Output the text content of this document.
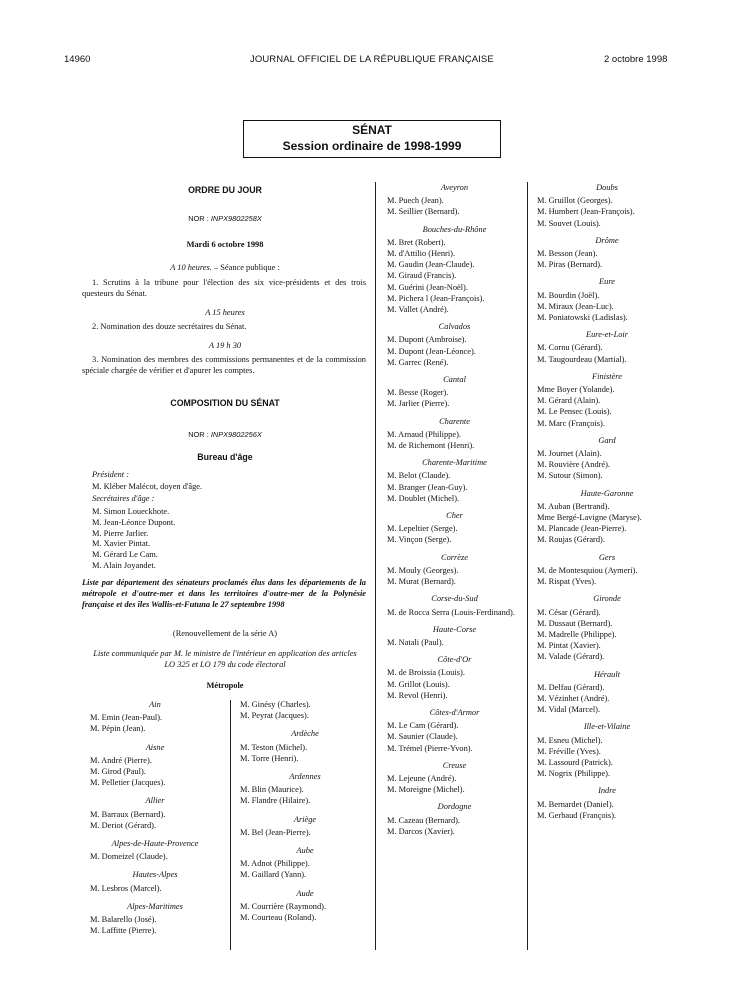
14960	JOURNAL OFFICIEL DE LA RÉPUBLIQUE FRANÇAISE	2 octobre 1998
SÉNAT
Session ordinaire de 1998-1999
ORDRE DU JOUR
NOR : INPX9802258X
Mardi 6 octobre 1998
A 10 heures. – Séance publique :
1. Scrutins à la tribune pour l'élection des six vice-présidents et des trois questeurs du Sénat.
A 15 heures
2. Nomination des douze secrétaires du Sénat.
A 19 h 30
3. Nomination des membres des commissions permanentes et de la commission spéciale chargée de vérifier et d'apurer les comptes.
COMPOSITION DU SÉNAT
NOR : INPX9802256X
Bureau d'âge
Président :
M. Kléber Malécot, doyen d'âge.
Secrétaires d'âge :
M. Simon Loueckhote.
M. Jean-Léonce Dupont.
M. Pierre Jarlier.
M. Xavier Pintat.
M. Gérard Le Cam.
M. Alain Joyandet.
Liste par département des sénateurs proclamés élus dans les départements de la métropole et d'outre-mer et dans les territoires d'outre-mer de la Polynésie française et des îles Wallis-et-Futuna le 27 septembre 1998
(Renouvellement de la série A)
Liste communiquée par M. le ministre de l'intérieur en application des articles LO 325 et LO 179 du code électoral
Métropole
Ain
M. Emin (Jean-Paul).
M. Pépin (Jean).
Aisne
M. André (Pierre).
M. Girod (Paul).
M. Pelletier (Jacques).
Allier
M. Barraux (Bernard).
M. Deriot (Gérard).
Alpes-de-Haute-Provence
M. Domeizel (Claude).
Hautes-Alpes
M. Lesbros (Marcel).
Alpes-Maritimes
M. Balarello (José).
M. Laffitte (Pierre).
M. Ginésy (Charles).
M. Peyrat (Jacques).
Ardèche
M. Teston (Michel).
M. Torre (Henri).
Ardennes
M. Blin (Maurice).
M. Flandre (Hilaire).
Ariège
M. Bel (Jean-Pierre).
Aube
M. Adnot (Philippe).
M. Gaillard (Yann).
Aude
M. Courrière (Raymond).
M. Courteau (Roland).
Aveyron
M. Puech (Jean).
M. Seillier (Bernard).
Bouches-du-Rhône
M. Bret (Robert).
M. d'Attilio (Henri).
M. Gaudin (Jean-Claude).
M. Giraud (Francis).
M. Guérini (Jean-Noël).
M. Pichera l (Jean-François).
M. Vallet (André).
Calvados
M. Dupont (Ambroise).
M. Dupont (Jean-Léonce).
M. Garrec (René).
Cantal
M. Besse (Roger).
M. Jarlier (Pierre).
Charente
M. Arnaud (Philippe).
M. de Richemont (Henri).
Charente-Maritime
M. Belot (Claude).
M. Branger (Jean-Guy).
M. Doublet (Michel).
Cher
M. Lepeltier (Serge).
M. Vinçon (Serge).
Corrèze
M. Mouly (Georges).
M. Murat (Bernard).
Corse-du-Sud
M. de Rocca Serra (Louis-Ferdinand).
Haute-Corse
M. Natali (Paul).
Côte-d'Or
M. de Broissia (Louis).
M. Grillot (Louis).
M. Revol (Henri).
Côtes-d'Armor
M. Le Cam (Gérard).
M. Saunier (Claude).
M. Trémel (Pierre-Yvon).
Creuse
M. Lejeune (André).
M. Moreigne (Michel).
Dordogne
M. Cazeau (Bernard).
M. Darcos (Xavier).
Doubs
M. Gruillot (Georges).
M. Humbert (Jean-François).
M. Souvet (Louis).
Drôme
M. Besson (Jean).
M. Piras (Bernard).
Eure
M. Bourdin (Joël).
M. Miraux (Jean-Luc).
M. Poniatowski (Ladislas).
Eure-et-Loir
M. Cornu (Gérard).
M. Taugourdeau (Martial).
Finistère
Mme Boyer (Yolande).
M. Gérard (Alain).
M. Le Pensec (Louis).
M. Marc (François).
Gard
M. Journet (Alain).
M. Rouvière (André).
M. Sutour (Simon).
Haute-Garonne
M. Auban (Bertrand).
Mme Bergé-Lavigne (Maryse).
M. Plancade (Jean-Pierre).
M. Roujas (Gérard).
Gers
M. de Montesquiou (Aymeri).
M. Rispat (Yves).
Gironde
M. César (Gérard).
M. Dussaut (Bernard).
M. Madrelle (Philippe).
M. Pintat (Xavier).
M. Valade (Gérard).
Hérault
M. Delfau (Gérard).
M. Vézinhet (André).
M. Vidal (Marcel).
Ille-et-Vilaine
M. Esneu (Michel).
M. Fréville (Yves).
M. Lassourd (Patrick).
M. Nogrix (Philippe).
Indre
M. Bernardet (Daniel).
M. Gerbaud (François).
